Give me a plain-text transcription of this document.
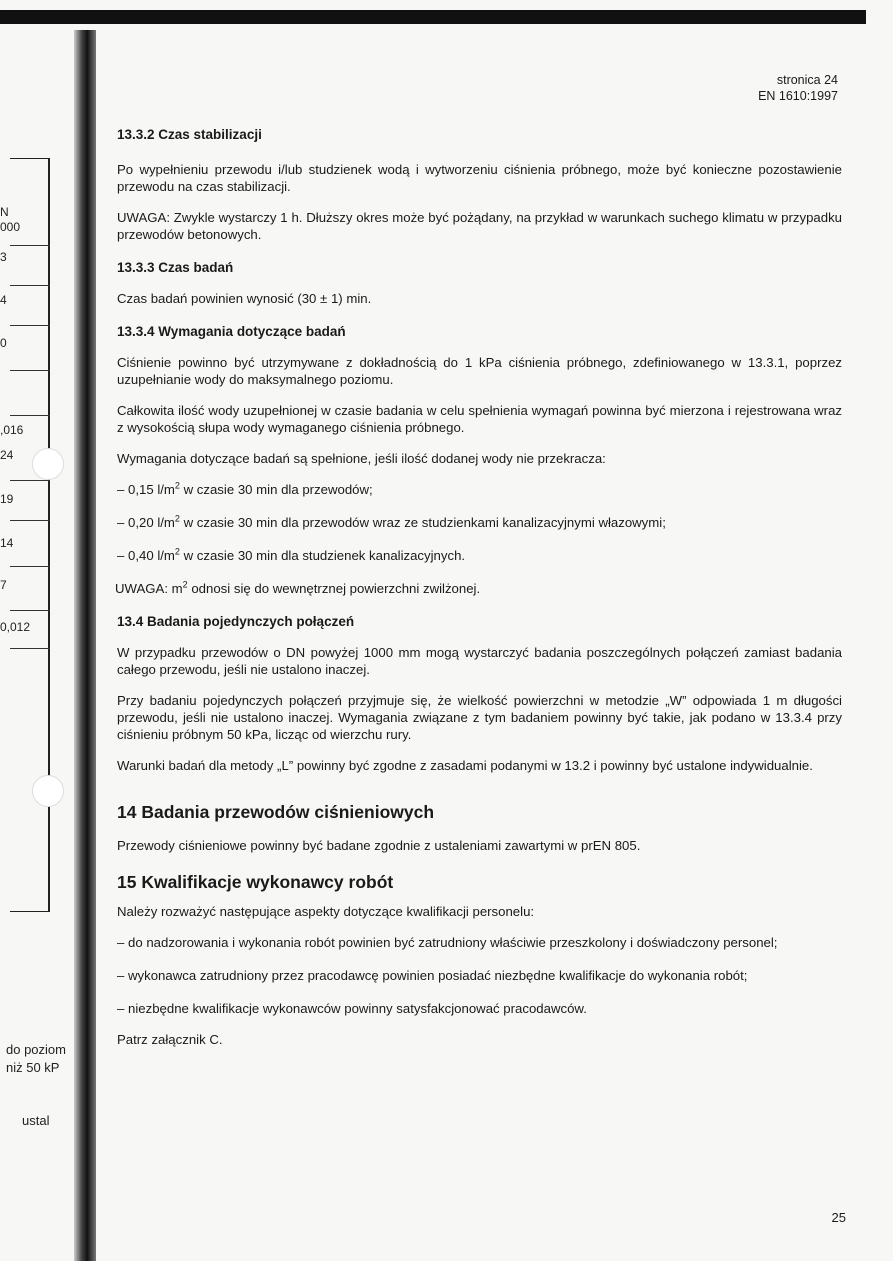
N
000
3
4
0
,016
24
19
14
7
0,012
do poziom
niż 50 kP
ustal
stronica 24
EN 1610:1997

13.3.2 Czas stabilizacji

Po wypełnieniu przewodu i/lub studzienek wodą i wytworzeniu ciśnienia próbnego, może być konieczne pozostawienie przewodu na czas stabilizacji.

UWAGA: Zwykle wystarczy 1 h. Dłuższy okres może być pożądany, na przykład w warunkach suchego klimatu w przypadku przewodów betonowych.

13.3.3 Czas badań

Czas badań powinien wynosić (30 ± 1) min.

13.3.4 Wymagania dotyczące badań

Ciśnienie powinno być utrzymywane z dokładnością do 1 kPa ciśnienia próbnego, zdefiniowanego w 13.3.1, poprzez uzupełnianie wody do maksymalnego poziomu.

Całkowita ilość wody uzupełnionej w czasie badania w celu spełnienia wymagań powinna być mierzona i rejestrowana wraz z wysokością słupa wody wymaganego ciśnienia próbnego.

Wymagania dotyczące badań są spełnione, jeśli ilość dodanej wody nie przekracza:

– 0,15 $l/m^2$ w czasie 30 min dla przewodów;

– 0,20 $l/m^2$ w czasie 30 min dla przewodów wraz ze studzienkami kanalizacyjnymi włazowymi;

– 0,40 $l/m^2$ w czasie 30 min dla studzienek kanalizacyjnych.

UWAGA: $m^2$ odnosi się do wewnętrznej powierzchni zwilżonej.

13.4 Badania pojedynczych połączeń

W przypadku przewodów o DN powyżej 1000 mm mogą wystarczyć badania poszczególnych połączeń zamiast badania całego przewodu, jeśli nie ustalono inaczej.

Przy badaniu pojedynczych połączeń przyjmuje się, że wielkość powierzchni w metodzie „W” odpowiada 1 m długości przewodu, jeśli nie ustalono inaczej. Wymagania związane z tym badaniem powinny być takie, jak podano w 13.3.4 przy ciśnieniu próbnym 50 kPa, licząc od wierzchu rury.

Warunki badań dla metody „L” powinny być zgodne z zasadami podanymi w 13.2 i powinny być ustalone indywidualnie.

14 Badania przewodów ciśnieniowych

Przewody ciśnieniowe powinny być badane zgodnie z ustaleniami zawartymi w prEN 805.

15 Kwalifikacje wykonawcy robót

Należy rozważyć następujące aspekty dotyczące kwalifikacji personelu:

– do nadzorowania i wykonania robót powinien być zatrudniony właściwie przeszkolony i doświadczony personel;

– wykonawca zatrudniony przez pracodawcę powinien posiadać niezbędne kwalifikacje do wykonania robót;

– niezbędne kwalifikacje wykonawców powinny satysfakcjonować pracodawców.

Patrz załącznik C.

25
